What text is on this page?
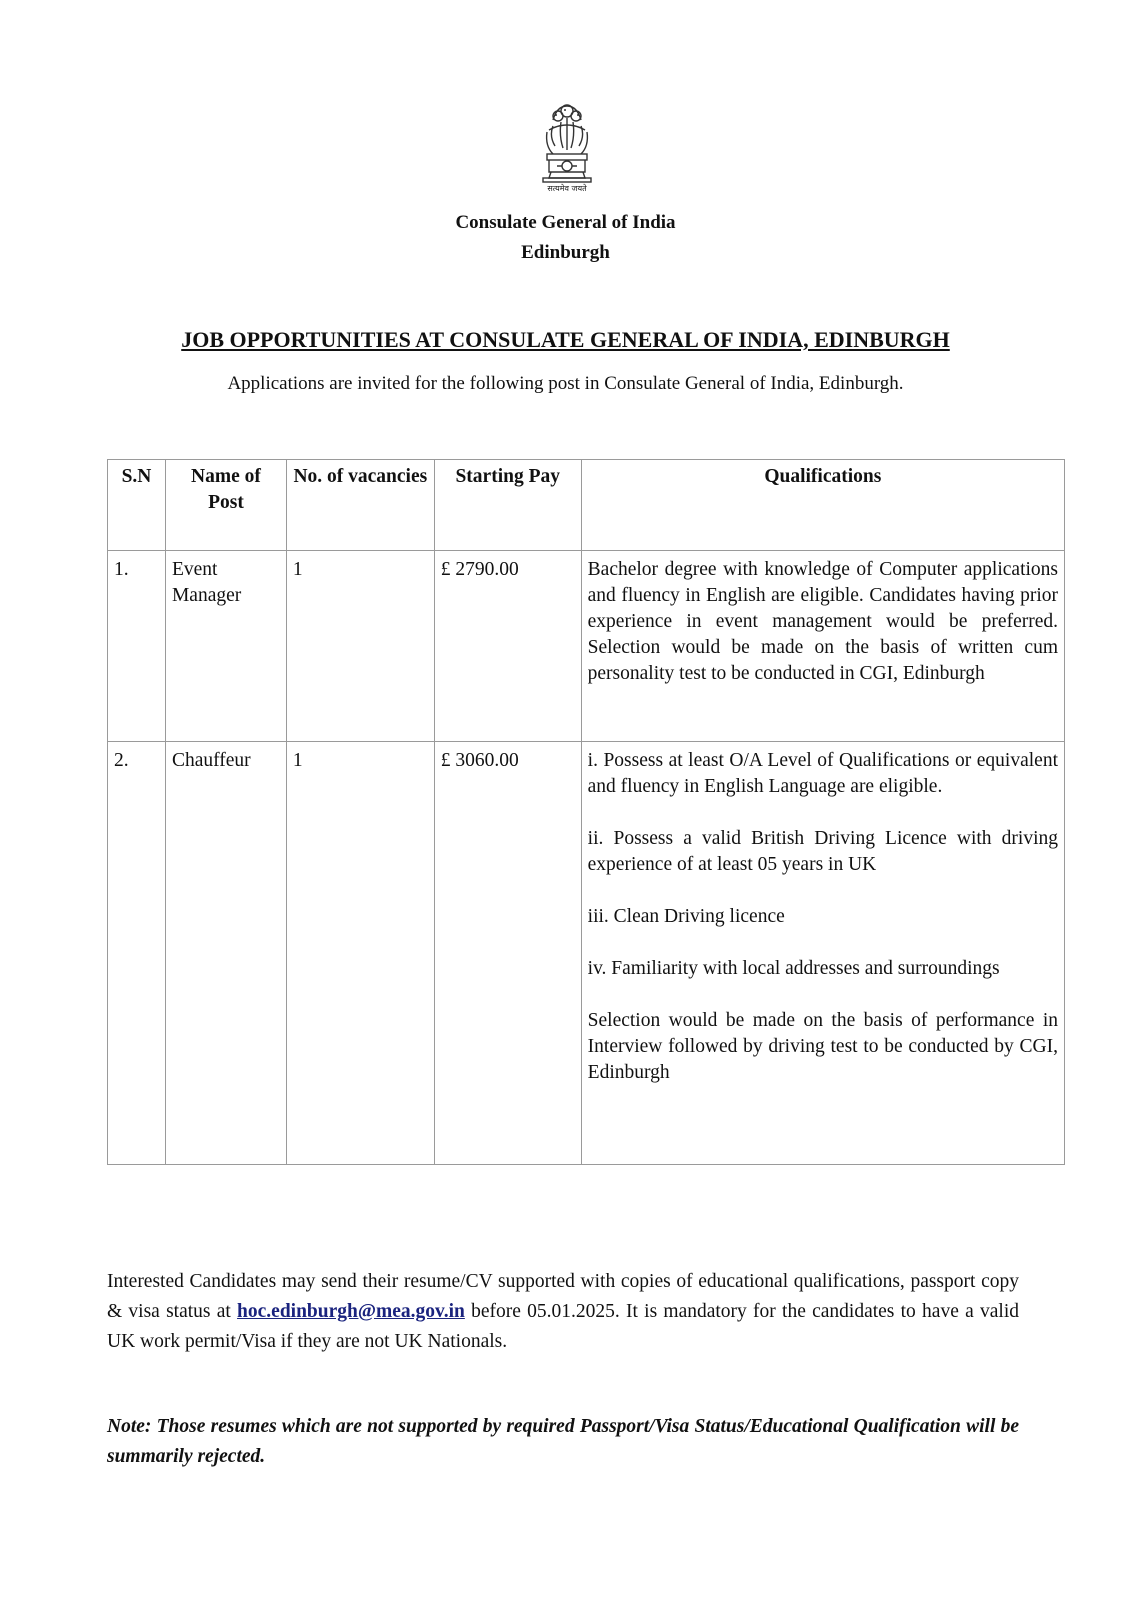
सत्यमेव जयते
Consulate General of India
Edinburgh
JOB OPPORTUNITIES AT CONSULATE GENERAL OF INDIA, EDINBURGH
Applications are invited for the following post in Consulate General of India, Edinburgh.
S.N	Name of Post	No. of vacancies	Starting Pay	Qualifications
1.	Event Manager	1	£ 2790.00	Bachelor degree with knowledge of Computer applications and fluency in English are eligible. Candidates having prior experience in event management would be preferred. Selection would be made on the basis of written cum personality test to be conducted in CGI, Edinburgh

2.	Chauffeur	1	£ 3060.00	i. Possess at least O/A Level of Qualifications or equivalent and fluency in English Language are eligible.

ii. Possess a valid British Driving Licence with driving experience of at least 05 years in UK

iii. Clean Driving licence

iv. Familiarity with local addresses and surroundings

Selection would be made on the basis of performance in Interview followed by driving test to be conducted by CGI, Edinburgh

Interested Candidates may send their resume/CV supported with copies of educational qualifications, passport copy & visa status at hoc.edinburgh@mea.gov.in before 05.01.2025. It is mandatory for the candidates to have a valid UK work permit/Visa if they are not UK Nationals.
Note: Those resumes which are not supported by required Passport/Visa Status/Educational Qualification will be summarily rejected.
